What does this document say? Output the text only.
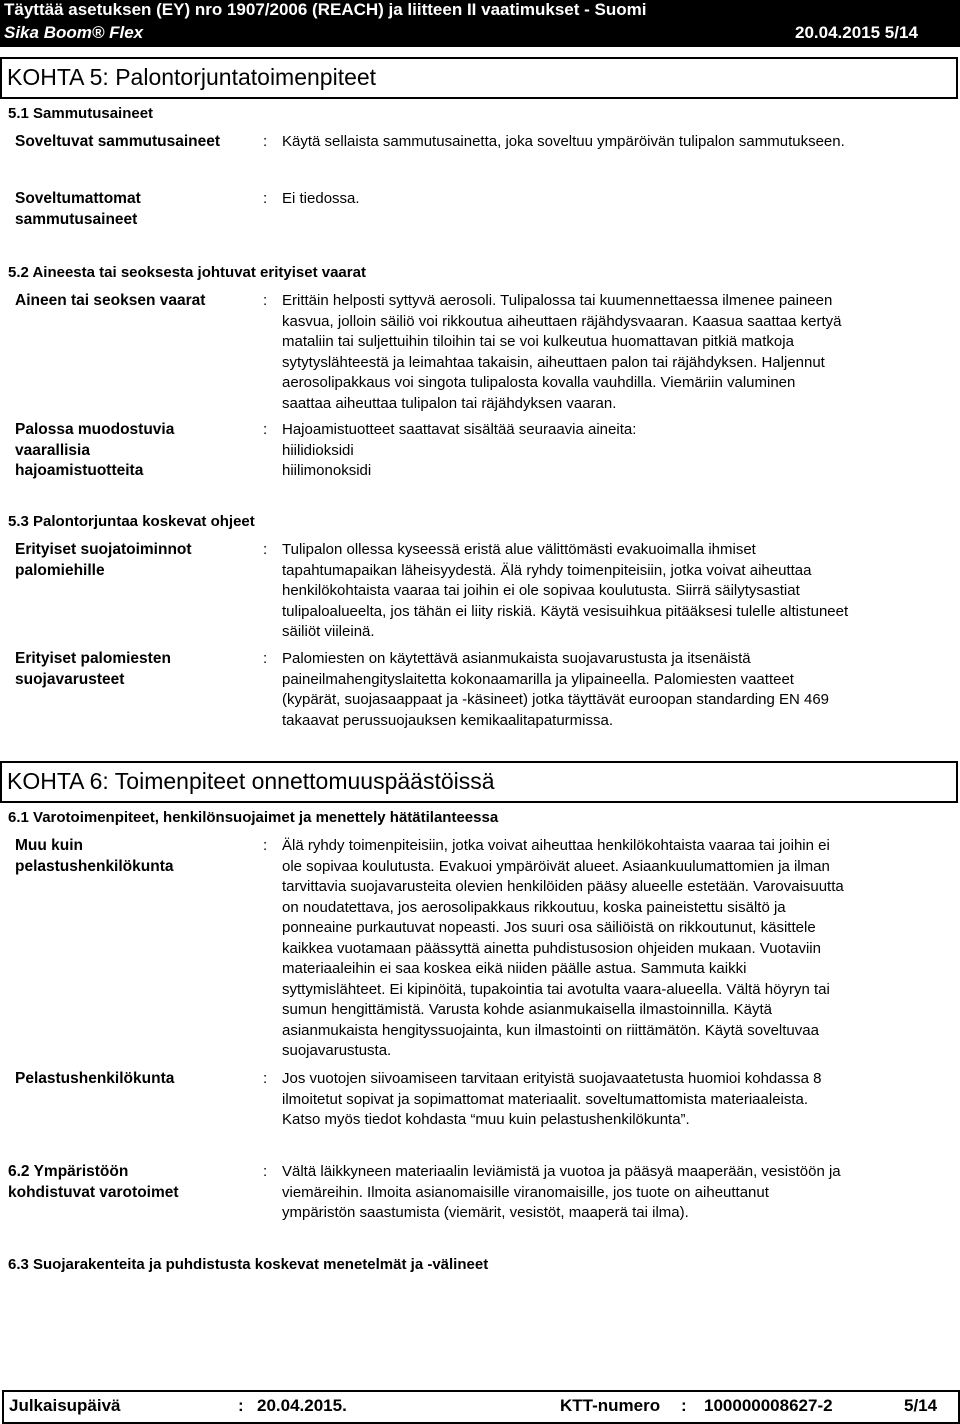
Täyttää asetuksen (EY) nro 1907/2006 (REACH) ja liitteen II vaatimukset - Suomi
Sika Boom® Flex	20.04.2015 5/14
KOHTA 5: Palontorjuntatoimenpiteet
5.1 Sammutusaineet
Soveltuvat sammutusaineet	: Käytä sellaista sammutusainetta, joka soveltuu ympäröivän tulipalon sammutukseen.
Soveltumattomat
sammutusaineet
: Ei tiedossa.
5.2 Aineesta tai seoksesta johtuvat erityiset vaarat
Aineen tai seoksen vaarat	: Erittäin helposti syttyvä aerosoli. Tulipalossa tai kuumennettaessa ilmenee paineen
kasvua, jolloin säiliö voi rikkoutua aiheuttaen räjähdysvaaran. Kaasua saattaa kertyä
mataliin tai suljettuihin tiloihin tai se voi kulkeutua huomattavan pitkiä matkoja
sytytyslähteestä ja leimahtaa takaisin, aiheuttaen palon tai räjähdyksen. Haljennut
aerosolipakkaus voi singota tulipalosta kovalla vauhdilla. Viemäriin valuminen
saattaa aiheuttaa tulipalon tai räjähdyksen vaaran.
Palossa muodostuvia
vaarallisia
hajoamistuotteita
: Hajoamistuotteet saattavat sisältää seuraavia aineita:
hiilidioksidi
hiilimonoksidi
5.3 Palontorjuntaa koskevat ohjeet
Erityiset suojatoiminnot
palomiehille
: Tulipalon ollessa kyseessä eristä alue välittömästi evakuoimalla ihmiset
tapahtumapaikan läheisyydestä. Älä ryhdy toimenpiteisiin, jotka voivat aiheuttaa
henkilökohtaista vaaraa tai joihin ei ole sopivaa koulutusta. Siirrä säilytysastiat
tulipaloalueelta, jos tähän ei liity riskiä. Käytä vesisuihkua pitääksesi tulelle altistuneet
säiliöt viileinä.
Erityiset palomiesten
suojavarusteet
: Palomiesten on käytettävä asianmukaista suojavarustusta ja itsenäistä
paineilmahengityslaitetta kokonaamarilla ja ylipaineella. Palomiesten vaatteet
(kypärät, suojasaappaat ja -käsineet) jotka täyttävät euroopan standarding EN 469
takaavat perussuojauksen kemikaalitapaturmissa.
KOHTA 6: Toimenpiteet onnettomuuspäästöissä
6.1 Varotoimenpiteet, henkilönsuojaimet ja menettely hätätilanteessa
Muu kuin
pelastushenkilökunta
: Älä ryhdy toimenpiteisiin, jotka voivat aiheuttaa henkilökohtaista vaaraa tai joihin ei
ole sopivaa koulutusta. Evakuoi ympäröivät alueet. Asiaankuulumattomien ja ilman
tarvittavia suojavarusteita olevien henkilöiden pääsy alueelle estetään. Varovaisuutta
on noudatettava, jos aerosolipakkaus rikkoutuu, koska paineistettu sisältö ja
ponneaine purkautuvat nopeasti. Jos suuri osa säiliöistä on rikkoutunut, käsittele
kaikkea vuotamaan päässyttä ainetta puhdistusosion ohjeiden mukaan. Vuotaviin
materiaaleihin ei saa koskea eikä niiden päälle astua. Sammuta kaikki
syttymislähteet. Ei kipinöitä, tupakointia tai avotulta vaara-alueella. Vältä höyryn tai
sumun hengittämistä. Varusta kohde asianmukaisella ilmastoinnilla. Käytä
asianmukaista hengityssuojainta, kun ilmastointi on riittämätön. Käytä soveltuvaa
suojavarustusta.
Pelastushenkilökunta	: Jos vuotojen siivoamiseen tarvitaan erityistä suojavaatetusta huomioi kohdassa 8
ilmoitetut sopivat ja sopimattomat materiaalit. soveltumattomista materiaaleista.
Katso myös tiedot kohdasta “muu kuin pelastushenkilökunta”.
6.2 Ympäristöön
kohdistuvat varotoimet
: Vältä läikkyneen materiaalin leviämistä ja vuotoa ja pääsyä maaperään, vesistöön ja
viemäreihin. Ilmoita asianomaisille viranomaisille, jos tuote on aiheuttanut
ympäristön saastumista (viemärit, vesistöt, maaperä tai ilma).
6.3 Suojarakenteita ja puhdistusta koskevat menetelmät ja -välineet
Julkaisupäivä	: 20.04.2015.	KTT-numero : 100000008627-2	5/14
